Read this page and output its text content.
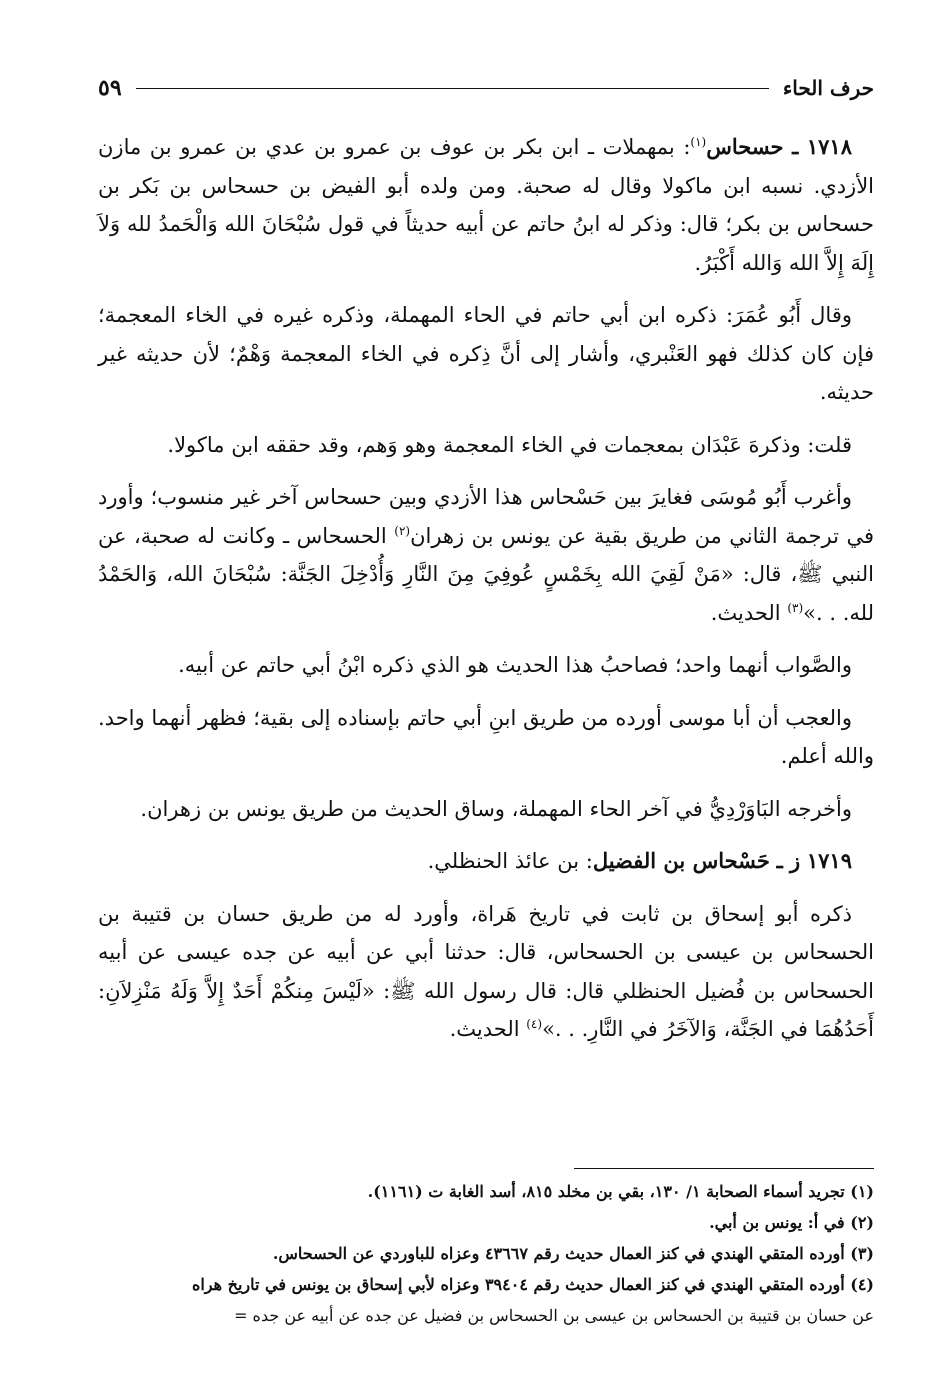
حرف الحاء
٥٩

١٧١٨ ـ حسحاس$^{(١)}$: بمهملات ـ ابن بكر بن عوف بن عمرو بن عدي بن عمرو بن مازن الأزدي. نسبه ابن ماكولا وقال له صحبة. ومن ولده أبو الفيض بن حسحاس بن بَكر بن حسحاس بن بكر؛ قال: وذكر له ابنُ حاتم عن أبيه حديثاً في قول سُبْحَانَ الله وَالْحَمدُ لله وَلاَ إِلَهَ إِلاَّ الله وَالله أَكْبَرُ.

وقال أَبُو عُمَرَ: ذكره ابن أبي حاتم في الحاء المهملة، وذكره غيره في الخاء المعجمة؛ فإن كان كذلك فهو العَنْبري، وأشار إلى أنَّ ذِكره في الخاء المعجمة وَهْمٌ؛ لأن حديثه غير حديثه.

قلت: وذكرهَ عَبْدَان بمعجمات في الخاء المعجمة وهو وَهم، وقد حققه ابن ماكولا.

وأغرب أَبُو مُوسَى فغايرَ بين حَسْحاس هذا الأزدي وبين حسحاس آخر غير منسوب؛ وأورد في ترجمة الثاني من طريق بقية عن يونس بن زهران$^{(٢)}$ الحسحاس ـ وكانت له صحبة، عن النبي ﷺ، قال: «مَنْ لَقِيَ الله بِخَمْسٍ عُوفِيَ مِنَ النَّارِ وَأُدْخِلَ الجَنَّة: سُبْحَانَ الله، وَالحَمْدُ لله. . .»$^{(٣)}$ الحديث.

والصَّواب أنهما واحد؛ فصاحبُ هذا الحديث هو الذي ذكره ابْنُ أبي حاتم عن أبيه.

والعجب أن أبا موسى أورده من طريق ابنِ أبي حاتم بإسناده إلى بقية؛ فظهر أنهما واحد. والله أعلم.

وأخرجه البَاوَرْدِيُّ في آخر الحاء المهملة، وساق الحديث من طريق يونس بن زهران.

١٧١٩ ز ـ حَسْحاس بن الفضيل: بن عائذ الحنظلي.

ذكره أبو إسحاق بن ثابت في تاريخ هَراة، وأورد له من طريق حسان بن قتيبة بن الحسحاس بن عيسى بن الحسحاس، قال: حدثنا أبي عن أبيه عن جده عيسى عن أبيه الحسحاس بن فُضيل الحنظلي قال: قال رسول الله ﷺ: «لَيْسَ مِنكُمْ أَحَدٌ إِلاَّ وَلَهُ مَنْزِلاَنِ: أَحَدُهُمَا في الجَنَّة، وَالآخَرُ في النَّارِ. . .»$^{(٤)}$ الحديث.

(١) تجريد أسماء الصحابة ١/ ١٣٠، بقي بن مخلد ٨١٥، أسد الغابة ت (١١٦١).

(٢) في أ: يونس بن أبي.

(٣) أورده المتقي الهندي في كنز العمال حديث رقم ٤٣٦٦٧ وعزاه للباوردي عن الحسحاس.

(٤) أورده المتقي الهندي في كنز العمال حديث رقم ٣٩٤٠٤ وعزاه لأبي إسحاق بن يونس في تاريخ هراه

عن حسان بن قتيبة بن الحسحاس بن عيسى بن الحسحاس بن فضيل عن جده عن أبيه عن جده =
